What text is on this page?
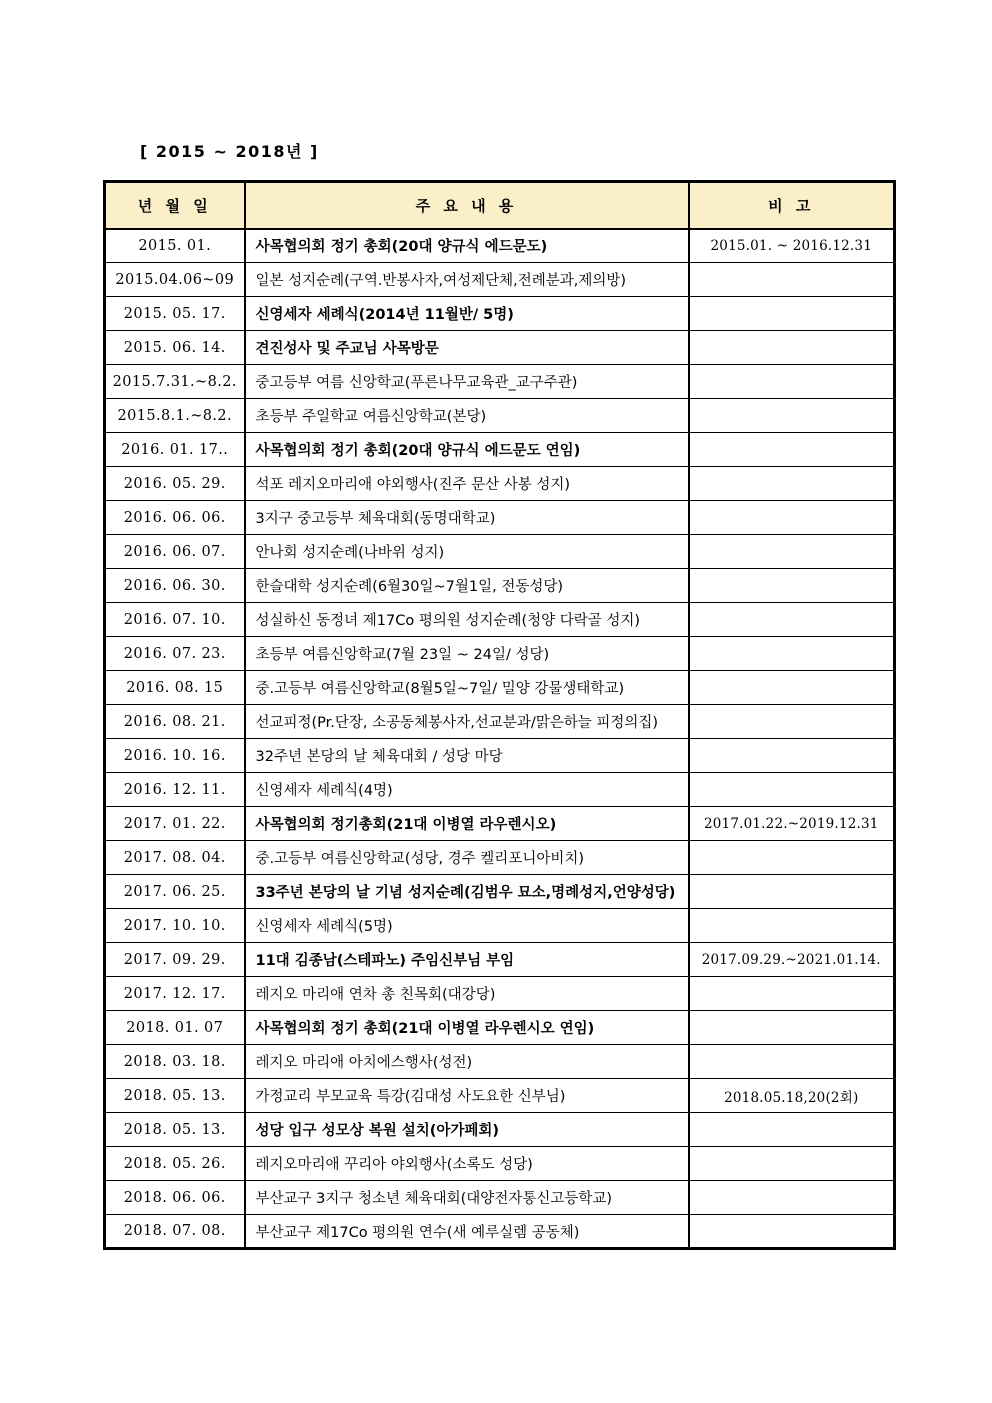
[ 2015 ~ 2018년 ]
년 월 일	주 요 내 용	비 고
2015. 01.	사목협의회 정기 총회(20대 양규식 에드문도)	2015.01. ~ 2016.12.31
2015.04.06~09	일본 성지순례(구역.반봉사자,여성제단체,전례분과,제의방)	
2015. 05. 17.	신영세자 세례식(2014년 11월반/ 5명)	
2015. 06. 14.	견진성사 및 주교님 사목방문	
2015.7.31.~8.2.	중고등부 여름 신앙학교(푸른나무교육관_교구주관)	
2015.8.1.~8.2.	초등부 주일학교 여름신앙학교(본당)	
2016. 01. 17..	사목협의회 정기 총회(20대 양규식 에드문도 연임)	
2016. 05. 29.	석포 레지오마리애 야외행사(진주 문산 사봉 성지)	
2016. 06. 06.	3지구 중고등부 체육대회(동명대학교)	
2016. 06. 07.	안나회 성지순례(나바위 성지)	
2016. 06. 30.	한슬대학 성지순례(6월30일~7월1일, 전동성당)	
2016. 07. 10.	성실하신 동정녀 제17Co 평의원 성지순례(청양 다락골 성지)	
2016. 07. 23.	초등부 여름신앙학교(7월 23일 ~ 24일/ 성당)	
2016. 08. 15	중.고등부 여름신앙학교(8월5일~7일/ 밀양 강물생태학교)	
2016. 08. 21.	선교피정(Pr.단장, 소공동체봉사자,선교분과/맑은하늘 피정의집)	
2016. 10. 16.	32주년 본당의 날 체육대회 / 성당 마당	
2016. 12. 11.	신영세자 세례식(4명)	
2017. 01. 22.	사목협의회 정기총회(21대 이병열 라우렌시오)	2017.01.22.~2019.12.31
2017. 08. 04.	중.고등부 여름신앙학교(성당, 경주 켈리포니아비치)	
2017. 06. 25.	33주년 본당의 날 기념 성지순례(김범우 묘소,명례성지,언양성당)	
2017. 10. 10.	신영세자 세례식(5명)	
2017. 09. 29.	11대 김종남(스테파노) 주임신부님 부임	2017.09.29.~2021.01.14.
2017. 12. 17.	레지오 마리애 연차 총 친목회(대강당)	
2018. 01. 07	사목협의회 정기 총회(21대 이병열 라우렌시오 연임)	
2018. 03. 18.	레지오 마리애 아치에스행사(성전)	
2018. 05. 13.	가정교리 부모교육 특강(김대성 사도요한 신부님)	2018.05.18,20(2회)
2018. 05. 13.	성당 입구 성모상 복원 설치(아가페회)	
2018. 05. 26.	레지오마리애 꾸리아 야외행사(소록도 성당)	
2018. 06. 06.	부산교구 3지구 청소년 체육대회(대양전자통신고등학교)	
2018. 07. 08.	부산교구 제17Co 평의원 연수(새 예루실렘 공동체)	
